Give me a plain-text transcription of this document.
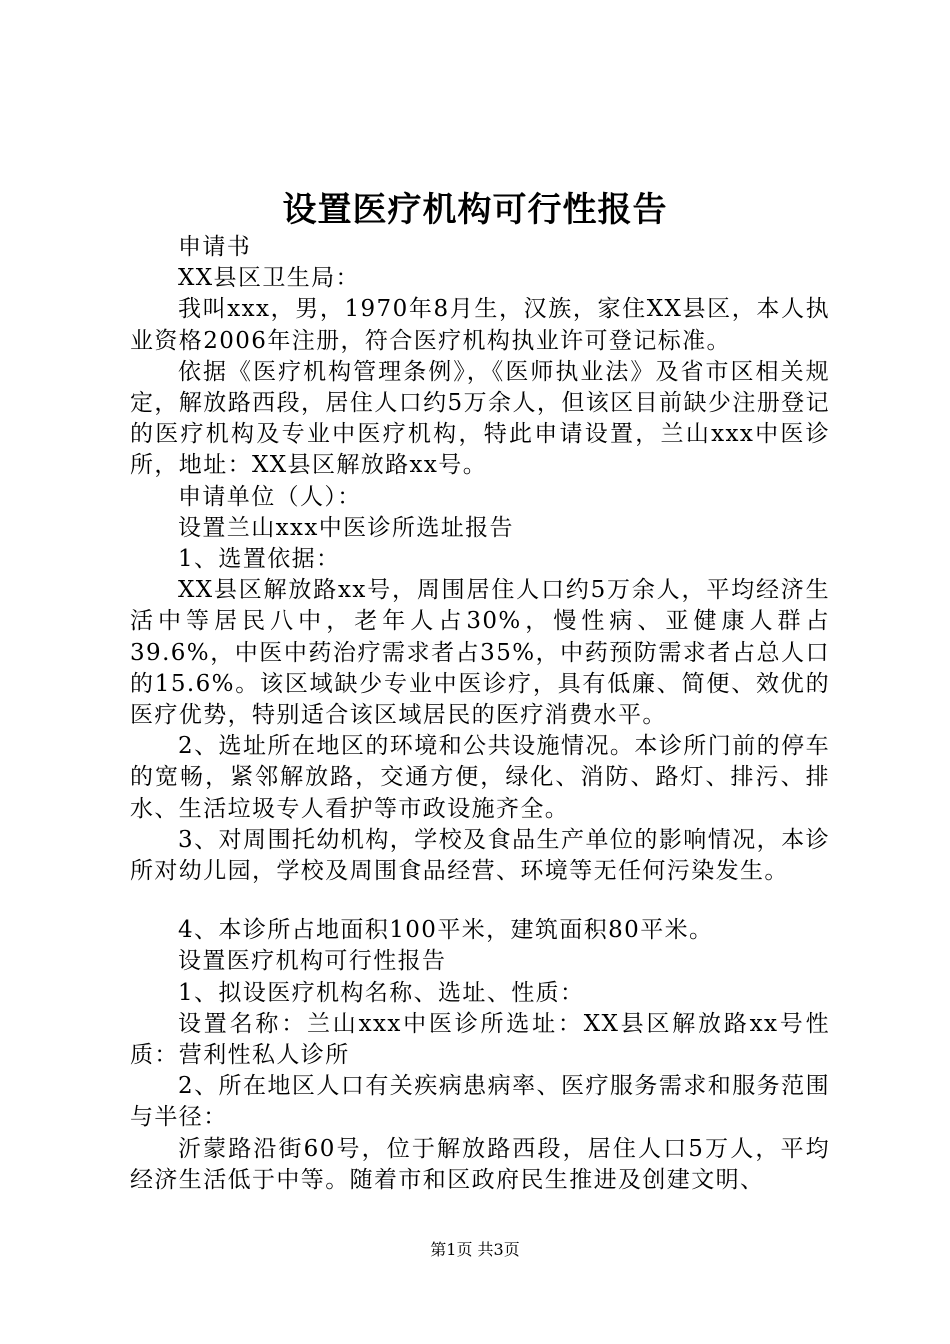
设置医疗机构可行性报告

申请书

XX县区卫生局：

我叫xxx，男，1970年8月生，汉族，家住XX县区，本人执业资格2006年注册，符合医疗机构执业许可登记标准。

依据《医疗机构管理条例》，《医师执业法》及省市区相关规定，解放路西段，居住人口约5万余人，但该区目前缺少注册登记的医疗机构及专业中医疗机构，特此申请设置，兰山xxx中医诊所，地址：XX县区解放路xx号。

申请单位（人）：

设置兰山xxx中医诊所选址报告

1、选置依据：

XX县区解放路xx号，周围居住人口约5万余人，平均经济生活中等居民八中，老年人占30%，慢性病、亚健康人群占39.6%，中医中药治疗需求者占35%，中药预防需求者占总人口的15.6%。该区域缺少专业中医诊疗，具有低廉、简便、效优的医疗优势，特别适合该区域居民的医疗消费水平。

2、选址所在地区的环境和公共设施情况。本诊所门前的停车的宽畅，紧邻解放路，交通方便，绿化、消防、路灯、排污、排水、生活垃圾专人看护等市政设施齐全。

3、对周围托幼机构，学校及食品生产单位的影响情况，本诊所对幼儿园，学校及周围食品经营、环境等无任何污染发生。

4、本诊所占地面积100平米，建筑面积80平米。

设置医疗机构可行性报告

1、拟设医疗机构名称、选址、性质：

设置名称：兰山xxx中医诊所选址：XX县区解放路xx号性质：营利性私人诊所

2、所在地区人口有关疾病患病率、医疗服务需求和服务范围与半径：

沂蒙路沿街60号，位于解放路西段，居住人口5万人，平均经济生活低于中等。随着市和区政府民生推进及创建文明、

第1页 共3页
